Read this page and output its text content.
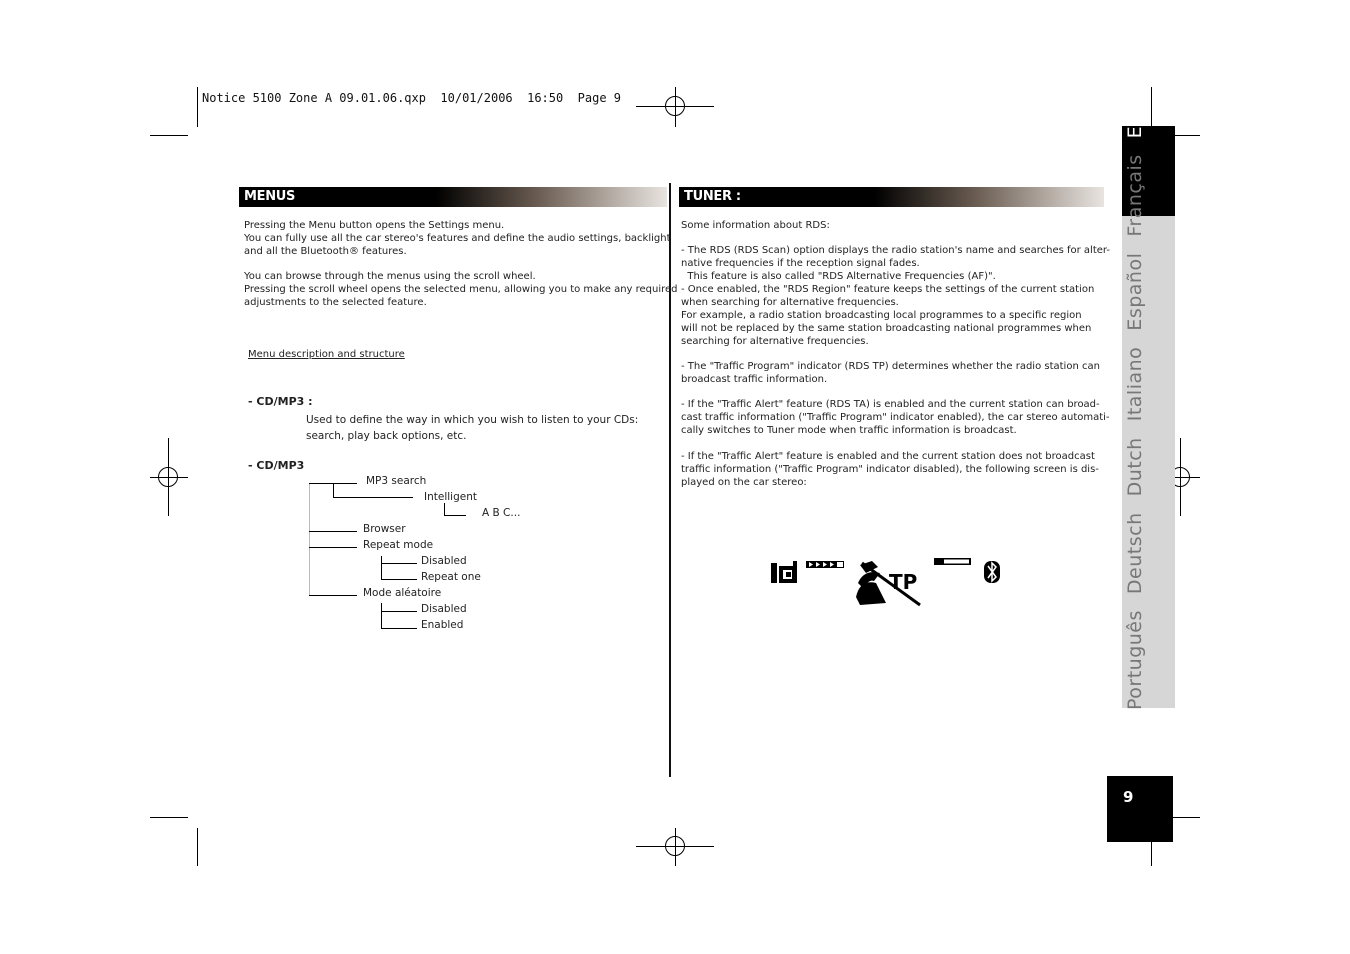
Notice 5100 Zone A 09.01.06.qxp  10/01/2006  16:50  Page 9
MENUS

Pressing the Menu button opens the Settings menu.

You can fully use all the car stereo's features and define the audio settings, backlight

and all the Bluetooth® features.

You can browse through the menus using the scroll wheel.

Pressing the scroll wheel opens the selected menu, allowing you to make any required

adjustments to the selected feature.

Menu description and structure
- CD/MP3 :

Used to define the way in which you wish to listen to your CDs:

search, play back options, etc.

- CD/MP3
MP3 search
Intelligent
A B C...
Browser
Repeat mode
Disabled
Repeat one
Mode aléatoire
Disabled
Enabled
TUNER :
Some information about RDS:

- The RDS (RDS Scan) option displays the radio station's name and searches for alter-

native frequencies if the reception signal fades.

This feature is also called "RDS Alternative Frequencies (AF)".

- Once enabled, the "RDS Region" feature keeps the settings of the current station

when searching for alternative frequencies.

For example, a radio station broadcasting local programmes to a specific region

will not be replaced by the same station broadcasting national programmes when

searching for alternative frequencies.

- The "Traffic Program" indicator (RDS TP) determines whether the radio station can

broadcast traffic information.

- If the "Traffic Alert" feature (RDS TA) is enabled and the current station can broad-

cast traffic information ("Traffic Program" indicator enabled), the car stereo automati-

cally switches to Tuner mode when traffic information is broadcast.

- If the "Traffic Alert" feature is enabled and the current station does not broadcast

traffic information ("Traffic Program" indicator disabled), the following screen is dis-

played on the car stereo:

TP
PortuguêsDeutschDutchItalianoEspañolFrançaisEnglish
9
